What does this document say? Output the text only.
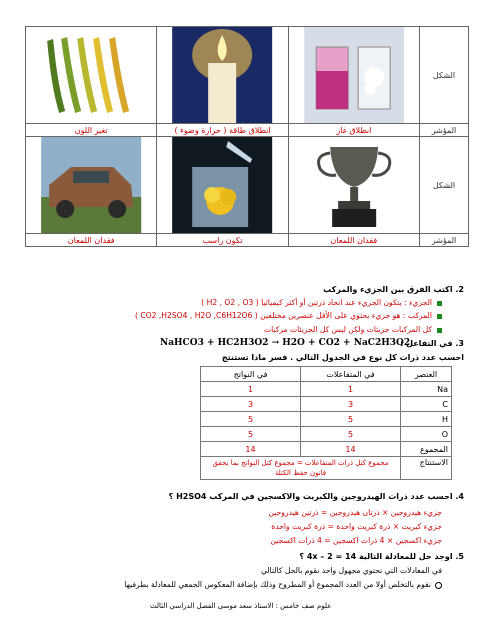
الشكل	

المؤشر	انطلاق غاز	انطلاق طاقة ( حرارة وضوء )	تغير اللون
الشكل	

المؤشر	فقدان اللمعان	تكون راسب	فقدان اللمعان
2. اكتب الفرق بين الجزيء والمركب
الجزيء : يتكون الجزيء عند اتحاد ذرتين أو أكثر كيميائيا ( H2 , O2 , O3 )
المركب : هو جزيء يحتوي على الأقل عنصرين مختلفين ( CO2 ,H2SO4 , H2O ,C6H12O6 )
كل المركبات جزيئات ولكن ليس كل الجزيئات مركبات
3. في التفاعل :
NaHCO3 + HC2H3O2 → H2O + CO2 + NaC2H3O2
احسب عدد ذرات كل نوع في الجدول التالي . فسر ماذا تستنتج
العنصر	في المتفاعلات	في النواتج
Na	1	1
C	3	3
H	5	5
O	5	5
المجموع	14	14
الاستنتاج	مجموع كتل ذرات المتفاعلات = مجموع كتل النواتج بما يحقق قانون حفظ الكتلة	
4. احسب عدد ذرات الهيدروجين والكبريت والاكسجين في المركب H2SO4 ؟
جزيء هيدروجين × ذرتان هيدروجين = ذرتين هيدروجين
جزيء كبريت × ذرة كبريت واحدة = ذرة كبريت واحدة
جزيء اكسجين × 4 ذرات اكسجين = 4 ذرات اكسجين
5. اوجد حل للمعادلة التالية 14 = 2 – 4x ؟
في المعادلات التي تحتوي مجهول واحد نقوم بالحل كالتالي
نقوم بالتخلص أولا من العدد المجموع أو المطروح وذلك بإضافة المعكوس الجمعي للمعادلة بطرفيها
علوم صف خامس : الاستاذ سعد موسى الفصل الدراسي الثالث
